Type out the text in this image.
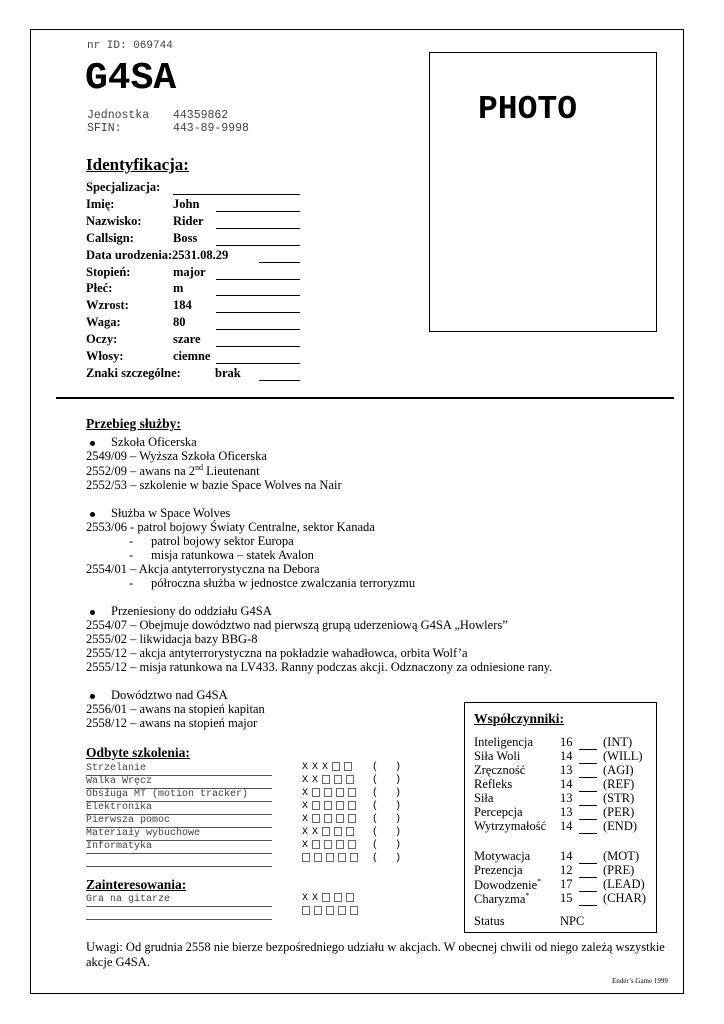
nr ID: 069744
G4SA
Jednostka 44359862
SFIN:	443-89-9998
PHOTO
Identyfikacja:
Specjalizacja:
Imię:	John
Nazwisko:	Rider
Callsign:	Boss
Data urodzenia: 2531.08.29
Stopień:	major
Płeć:	m
Wzrost:	184
Waga:	80
Oczy:	szare
Włosy:	ciemne
Znaki szczególne:	brak
Przebieg służby:
Szkoła Oficerska
2549/09 – Wyższa Szkoła Oficerska
2552/09 – awans na 2nd Lieutenant
2552/53 – szkolenie w bazie Space Wolves na Nair
Służba w Space Wolves
2553/06 - patrol bojowy Światy Centralne, sektor Kanada
- patrol bojowy sektor Europa
- misja ratunkowa – statek Avalon
2554/01 – Akcja antyterrorystyczna na Debora
- półroczna służba w jednostce zwalczania terroryzmu
Przeniesiony do oddziału G4SA
2554/07 – Obejmuje dowództwo nad pierwszą grupą uderzeniową G4SA „Howlers”
2555/02 – likwidacja bazy BBG-8
2555/12 – akcja antyterrorystyczna na pokładzie wahadłowca, orbita Wolf’a
2555/12 – misja ratunkowa na LV433. Ranny podczas akcji. Odznaczony za odniesione rany.
Dowództwo nad G4SA
2556/01 – awans na stopień kapitan
2558/12 – awans na stopień major
Odbyte szkolenia:
Strzelanie	X X X	( )
Walka Wręcz	X X	( )
Obsługa MT (motion tracker)	X	( )
Elektronika	X	( )
Pierwsza pomoc	X	( )
Materiały wybuchowe	X X	( )
Informatyka	X	( )
( )
Zainteresowania:
Gra na gitarze	X X
Współczynniki:
Inteligencja 16 (INT)
Siła Woli	14 (WILL)
Zręczność	13 (AGI)
Refleks	14 (REF)
Siła	13 (STR)
Percepcja	13 (PER)
Wytrzymałość 14 (END)
Motywacja 14 (MOT)
Prezencja	12 (PRE)
Dowodzenie* 17 (LEAD)
Charyzma* 15 (CHAR)
Status	NPC
Uwagi: Od grudnia 2558 nie bierze bezpośredniego udziału w akcjach. W obecnej chwili od niego zależą wszystkie
akcje G4SA.
Ender’s Game 1999
